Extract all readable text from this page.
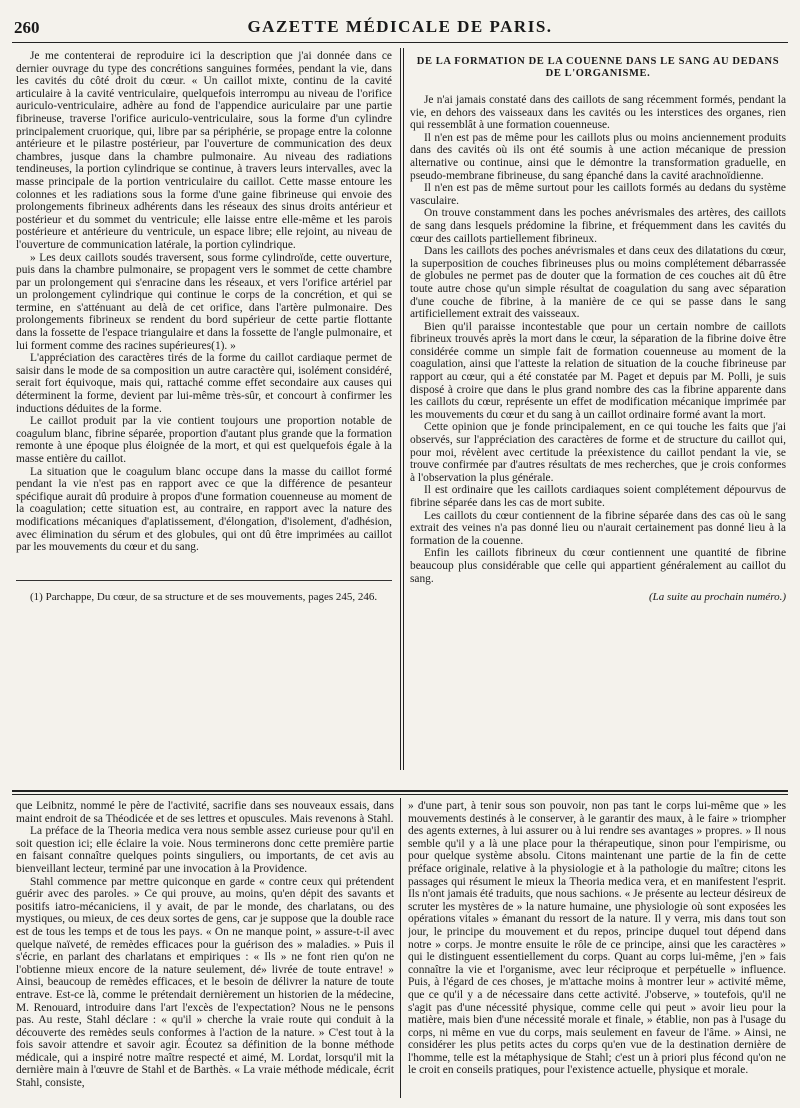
260	GAZETTE MÉDICALE DE PARIS.

Je me contenterai de reproduire ici la description que j'ai donnée dans ce dernier ouvrage du type des concrétions sanguines formées, pendant la vie, dans les cavités du côté droit du cœur. « Un caillot mixte, continu de la cavité articulaire à la cavité ventriculaire, quelquefois interrompu au niveau de l'orifice auriculo-ventriculaire, adhère au fond de l'appendice auriculaire par une partie fibrineuse, traverse l'orifice auriculo-ventriculaire, sous la forme d'un cylindre principalement cruorique, qui, libre par sa périphérie, se propage entre la colonne antérieure et le pilastre postérieur, par l'ouverture de communication des deux chambres, jusque dans la chambre pulmonaire. Au niveau des radiations tendineuses, la portion cylindrique se continue, à travers leurs intervalles, avec la masse principale de la portion ventriculaire du caillot. Cette masse entoure les colonnes et les radiations sous la forme d'une gaine fibrineuse qui envoie des prolongements fibrineux adhérents dans les réseaux des sinus droits antérieur et postérieur et du sommet du ventricule; elle laisse entre elle-même et les parois postérieure et antérieure du ventricule, un espace libre; elle rejoint, au niveau de l'ouverture de communication latérale, la portion cylindrique.

» Les deux caillots soudés traversent, sous forme cylindroïde, cette ouverture, puis dans la chambre pulmonaire, se propagent vers le sommet de cette chambre par un prolongement qui s'enracine dans les réseaux, et vers l'orifice artériel par un prolongement cylindrique qui continue le corps de la concrétion, et qui se termine, en s'atténuant au delà de cet orifice, dans l'artère pulmonaire. Des prolongements fibrineux se rendent du bord supérieur de cette partie flottante dans la fossette de l'espace triangulaire et dans la fossette de l'angle pulmonaire, et lui forment comme des racines supérieures(1). »

L'appréciation des caractères tirés de la forme du caillot cardiaque permet de saisir dans le mode de sa composition un autre caractère qui, isolément considéré, serait fort équivoque, mais qui, rattaché comme effet secondaire aux causes qui déterminent la forme, devient par lui-même très-sûr, et concourt à confirmer les inductions déduites de la forme.

Le caillot produit par la vie contient toujours une proportion notable de coagulum blanc, fibrine séparée, proportion d'autant plus grande que la formation remonte à une époque plus éloignée de la mort, et qui est quelquefois égale à la masse entière du caillot.

La situation que le coagulum blanc occupe dans la masse du caillot formé pendant la vie n'est pas en rapport avec ce que la différence de pesanteur spécifique aurait dû produire à propos d'une formation couenneuse au moment de la coagulation; cette situation est, au contraire, en rapport avec la nature des modifications mécaniques d'aplatissement, d'élongation, d'isolement, d'adhésion, avec élimination du sérum et des globules, qui ont dû être imprimées au caillot par les mouvements du cœur et du sang.

(1) Parchappe, Du cœur, de sa structure et de ses mouvements, pages 245, 246.

DE LA FORMATION DE LA COUENNE DANS LE SANG AU DEDANS DE L'ORGANISME.

Je n'ai jamais constaté dans des caillots de sang récemment formés, pendant la vie, en dehors des vaisseaux dans les cavités ou les interstices des organes, rien qui ressemblât à une formation couenneuse.

Il n'en est pas de même pour les caillots plus ou moins anciennement produits dans des cavités où ils ont été soumis à une action mécanique de pression alternative ou continue, ainsi que le démontre la transformation graduelle, en pseudo-membrane fibrineuse, du sang épanché dans la cavité arachnoïdienne.

Il n'en est pas de même surtout pour les caillots formés au dedans du système vasculaire.

On trouve constamment dans les poches anévrismales des artères, des caillots de sang dans lesquels prédomine la fibrine, et fréquemment dans les cavités du cœur des caillots partiellement fibrineux.

Dans les caillots des poches anévrismales et dans ceux des dilatations du cœur, la superposition de couches fibrineuses plus ou moins complétement débarrassée de globules ne permet pas de douter que la formation de ces couches ait dû être toute autre chose qu'un simple résultat de coagulation du sang avec séparation d'une couche de fibrine, à la manière de ce qui se passe dans le sang artificiellement extrait des vaisseaux.

Bien qu'il paraisse incontestable que pour un certain nombre de caillots fibrineux trouvés après la mort dans le cœur, la séparation de la fibrine doive être considérée comme un simple fait de formation couenneuse au moment de la coagulation, ainsi que l'atteste la relation de situation de la couche fibrineuse par rapport au cœur, qui a été constatée par M. Paget et depuis par M. Polli, je suis disposé à croire que dans le plus grand nombre des cas la fibrine apparente dans les caillots du cœur, représente un effet de modification mécanique imprimée par les mouvements du cœur et du sang à un caillot ordinaire formé avant la mort.

Cette opinion que je fonde principalement, en ce qui touche les faits que j'ai observés, sur l'appréciation des caractères de forme et de structure du caillot qui, pour moi, révèlent avec certitude la préexistence du caillot pendant la vie, se trouve confirmée par d'autres résultats de mes recherches, que je crois conformes à l'observation la plus générale.

Il est ordinaire que les caillots cardiaques soient complétement dépourvus de fibrine séparée dans les cas de mort subite.

Les caillots du cœur contiennent de la fibrine séparée dans des cas où le sang extrait des veines n'a pas donné lieu ou n'aurait certainement pas donné lieu à la formation de la couenne.

Enfin les caillots fibrineux du cœur contiennent une quantité de fibrine beaucoup plus considérable que celle qui appartient généralement au caillot du sang.

(La suite au prochain numéro.)

que Leibnitz, nommé le père de l'activité, sacrifie dans ses nouveaux essais, dans maint endroit de sa Théodicée et de ses lettres et opuscules. Mais revenons à Stahl.

La préface de la Theoria medica vera nous semble assez curieuse pour qu'il en soit question ici; elle éclaire la voie. Nous terminerons donc cette première partie en faisant connaître quelques points singuliers, ou importants, de cet avis au bienveillant lecteur, terminé par une invocation à la Providence.

Stahl commence par mettre quiconque en garde « contre ceux qui prétendent guérir avec des paroles. » Ce qui prouve, au moins, qu'en dépit des savants et positifs iatro-mécaniciens, il y avait, de par le monde, des charlatans, ou des mystiques, ou mieux, de ces deux sortes de gens, car je suppose que la double race est de tous les temps et de tous les pays. « On ne manque point, » assure-t-il avec quelque naïveté, de remèdes efficaces pour la guérison des » maladies. » Puis il s'écrie, en parlant des charlatans et empiriques : « Ils » ne font rien qu'on ne l'obtienne mieux encore de la nature seulement, dé» livrée de toute entrave! » Ainsi, beaucoup de remèdes efficaces, et le besoin de délivrer la nature de toute entrave. Est-ce là, comme le prétendait dernièrement un historien de la médecine, M. Renouard, introduire dans l'art l'excès de l'expectation? Nous ne le pensons pas. Au reste, Stahl déclare : « qu'il » cherche la vraie route qui conduit à la découverte des remèdes seuls conformes à l'action de la nature. » C'est tout à la fois savoir attendre et savoir agir. Écoutez sa définition de la bonne méthode médicale, qui a inspiré notre maître respecté et aimé, M. Lordat, lorsqu'il mit la dernière main à l'œuvre de Stahl et de Barthès. « La vraie méthode médicale, écrit Stahl, consiste,

» d'une part, à tenir sous son pouvoir, non pas tant le corps lui-même que » les mouvements destinés à le conserver, à le garantir des maux, à le faire » triompher des agents externes, à lui assurer ou à lui rendre ses avantages » propres. » Il nous semble qu'il y a là une place pour la thérapeutique, sinon pour l'empirisme, ou pour quelque système absolu. Citons maintenant une partie de la fin de cette préface originale, relative à la physiologie et à la pathologie du maître; citons les passages qui résument le mieux la Theoria medica vera, et en manifestent l'esprit. Ils n'ont jamais été traduits, que nous sachions. « Je présente au lecteur désireux de scruter les mystères de » la nature humaine, une physiologie où sont exposées les opérations vitales » émanant du ressort de la nature. Il y verra, mis dans tout son jour, le principe du mouvement et du repos, principe duquel tout dépend dans notre » corps. Je montre ensuite le rôle de ce principe, ainsi que les caractères » qui le distinguent essentiellement du corps. Quant au corps lui-même, j'en » fais connaître la vie et l'organisme, avec leur réciproque et perpétuelle » influence. Puis, à l'égard de ces choses, je m'attache moins à montrer leur » activité même, que ce qu'il y a de nécessaire dans cette activité. J'observe, » toutefois, qu'il ne s'agit pas d'une nécessité physique, comme celle qui peut » avoir lieu pour la matière, mais bien d'une nécessité morale et finale, » établie, non pas à l'usage du corps, ni même en vue du corps, mais seulement en faveur de l'âme. » Ainsi, ne considérer les plus petits actes du corps qu'en vue de la destination dernière de l'homme, telle est la métaphysique de Stahl; c'est un à priori plus fécond qu'on ne le croit en conseils pratiques, pour l'existence actuelle, physique et morale.
